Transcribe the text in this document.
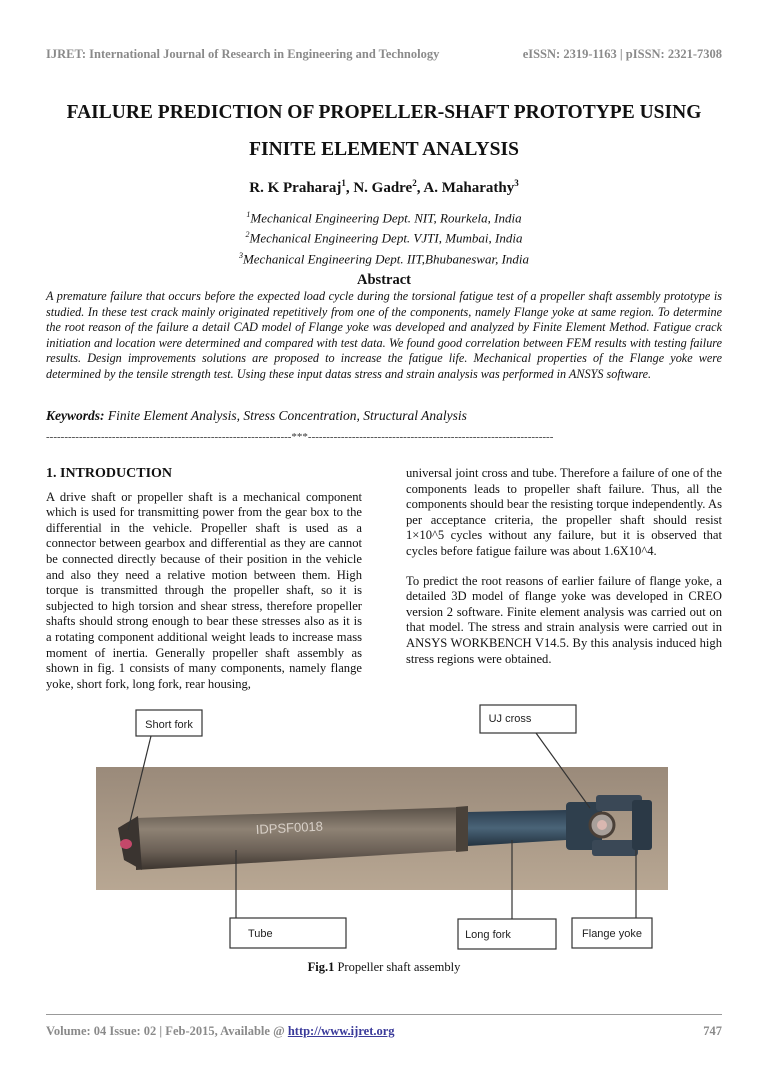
IJRET: International Journal of Research in Engineering and Technology	eISSN: 2319-1163 | pISSN: 2321-7308
FAILURE PREDICTION OF PROPELLER-SHAFT PROTOTYPE USING
FINITE ELEMENT ANALYSIS
R. K Praharaj$^1$, N. Gadre$^2$, A. Maharathy$^3$
$^1$Mechanical Engineering Dept. NIT, Rourkela, India
$^2$Mechanical Engineering Dept. VJTI, Mumbai, India
$^3$Mechanical Engineering Dept. IIT,Bhubaneswar, India
Abstract
A premature failure that occurs before the expected load cycle during the torsional fatigue test of a propeller shaft assembly prototype is studied. In these test crack mainly originated repetitively from one of the components, namely Flange yoke at same region. To determine the root reason of the failure a detail CAD model of Flange yoke was developed and analyzed by Finite Element Method. Fatigue crack initiation and location were determined and compared with test data. We found good correlation between FEM results with testing failure results. Design improvements solutions are proposed to increase the fatigue life. Mechanical properties of the Flange yoke were determined by the tensile strength test. Using these input datas stress and strain analysis was performed in ANSYS software.
Keywords: Finite Element Analysis, Stress Concentration, Structural Analysis
-------------------------------------------------------------------***-------------------------------------------------------------------
1. INTRODUCTION

A drive shaft or propeller shaft is a mechanical component which is used for transmitting power from the gear box to the differential in the vehicle. Propeller shaft is used as a connector between gearbox and differential as they are cannot be connected directly because of their position in the vehicle and also they need a relative motion between them. High torque is transmitted through the propeller shaft, so it is subjected to high torsion and shear stress, therefore propeller shafts should strong enough to bear these stresses also as it is a rotating component additional weight leads to increase mass moment of inertia. Generally propeller shaft assembly as shown in fig. 1 consists of many components, namely flange yoke, short fork, long fork, rear housing,

universal joint cross and tube. Therefore a failure of one of the components leads to propeller shaft failure. Thus, all the components should bear the resisting torque independently. As per acceptance criteria, the propeller shaft should resist 1×10^5 cycles without any failure, but it is observed that cycles before fatigue failure was about 1.6X10^4.

To predict the root reasons of earlier failure of flange yoke, a detailed 3D model of flange yoke was developed in CREO version 2 software. Finite element analysis was carried out on that model. The stress and strain analysis were carried out in ANSYS WORKBENCH V14.5. By this analysis induced high stress regions were obtained.

IDPSF0018
Short fork	UJ cross
Tube	Long fork	Flange yoke
Fig.1 Propeller shaft assembly
Volume: 04 Issue: 02 | Feb-2015, Available @ http://www.ijret.org	747
